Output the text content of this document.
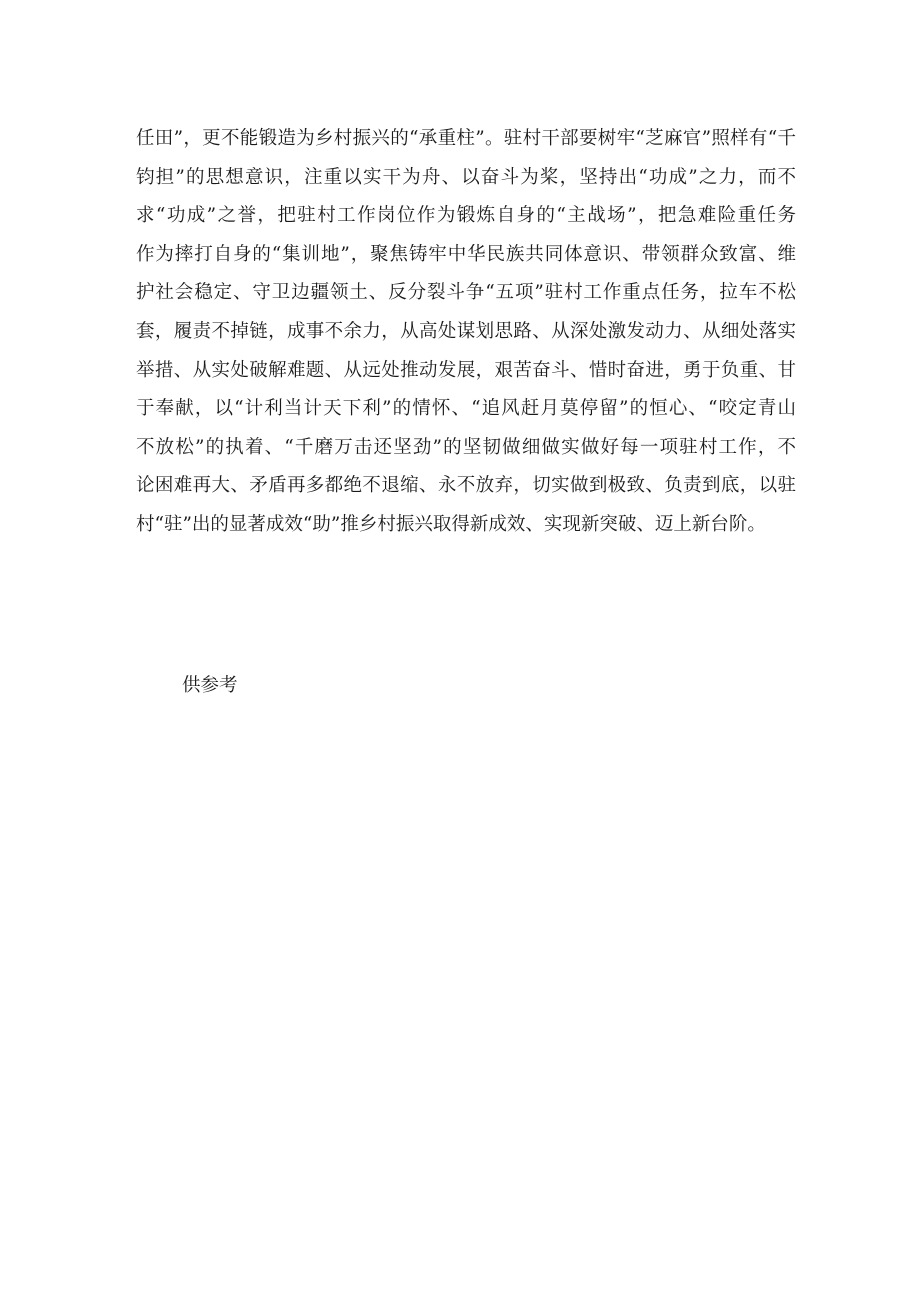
任田”，更不能锻造为乡村振兴的“承重柱”。驻村干部要树牢“芝麻官”照样有“千
钧担”的思想意识，注重以实干为舟、以奋斗为桨，坚持出“功成”之力，而不
求“功成”之誉，把驻村工作岗位作为锻炼自身的“主战场”，把急难险重任务
作为摔打自身的“集训地”，聚焦铸牢中华民族共同体意识、带领群众致富、维
护社会稳定、守卫边疆领土、反分裂斗争“五项”驻村工作重点任务，拉车不松
套，履责不掉链，成事不余力，从高处谋划思路、从深处激发动力、从细处落实
举措、从实处破解难题、从远处推动发展，艰苦奋斗、惜时奋进，勇于负重、甘
于奉献，以“计利当计天下利”的情怀、“追风赶月莫停留”的恒心、“咬定青山
不放松”的执着、“千磨万击还坚劲”的坚韧做细做实做好每一项驻村工作，不
论困难再大、矛盾再多都绝不退缩、永不放弃，切实做到极致、负责到底，以驻
村“驻”出的显著成效“助”推乡村振兴取得新成效、实现新突破、迈上新台阶。
供参考
